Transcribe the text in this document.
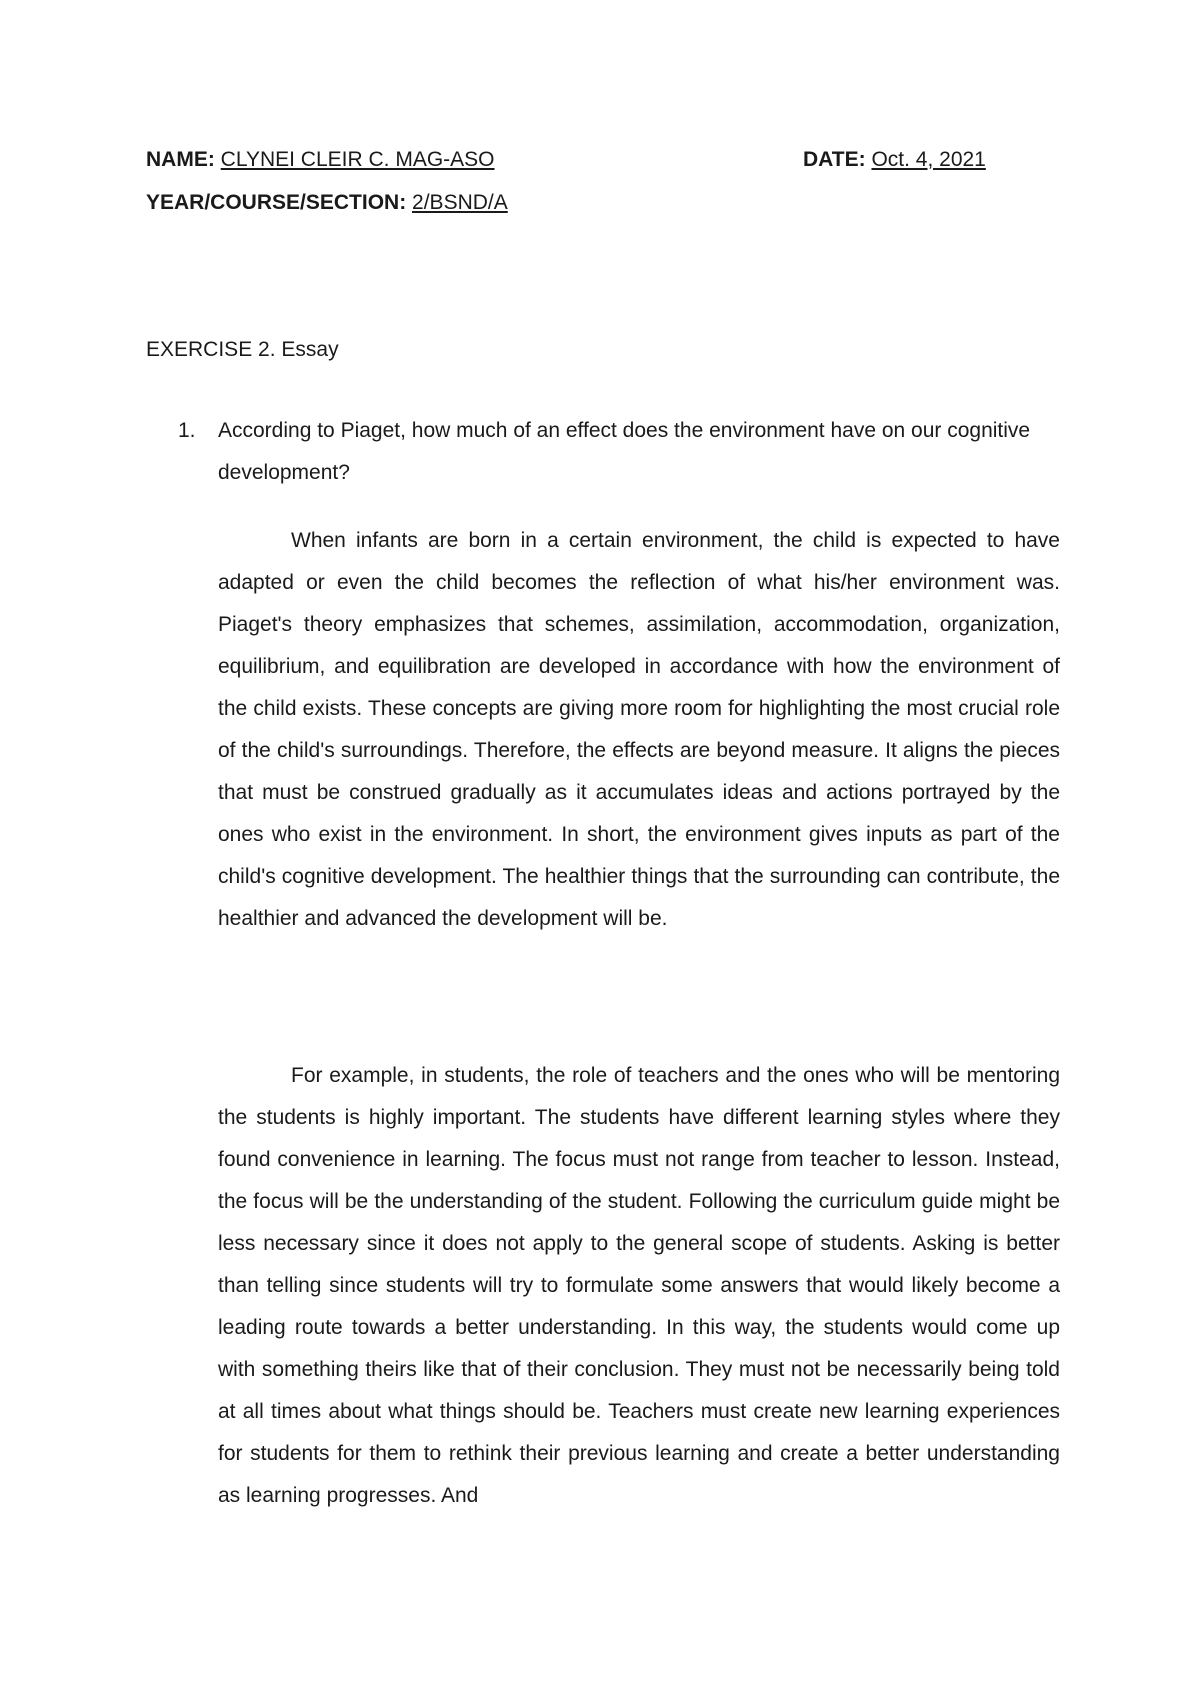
NAME: CLYNEI CLEIR C. MAG-ASO	DATE: Oct. 4, 2021
YEAR/COURSE/SECTION: 2/BSND/A
EXERCISE 2. Essay
1. According to Piaget, how much of an effect does the environment have on our cognitive development?

When infants are born in a certain environment, the child is expected to have adapted or even the child becomes the reflection of what his/her environment was. Piaget's theory emphasizes that schemes, assimilation, accommodation, organization, equilibrium, and equilibration are developed in accordance with how the environment of the child exists. These concepts are giving more room for highlighting the most crucial role of the child's surroundings. Therefore, the effects are beyond measure. It aligns the pieces that must be construed gradually as it accumulates ideas and actions portrayed by the ones who exist in the environment. In short, the environment gives inputs as part of the child's cognitive development. The healthier things that the surrounding can contribute, the healthier and advanced the development will be.

For example, in students, the role of teachers and the ones who will be mentoring the students is highly important. The students have different learning styles where they found convenience in learning. The focus must not range from teacher to lesson. Instead, the focus will be the understanding of the student. Following the curriculum guide might be less necessary since it does not apply to the general scope of students. Asking is better than telling since students will try to formulate some answers that would likely become a leading route towards a better understanding. In this way, the students would come up with something theirs like that of their conclusion. They must not be necessarily being told at all times about what things should be. Teachers must create new learning experiences for students for them to rethink their previous learning and create a better understanding as learning progresses. And
